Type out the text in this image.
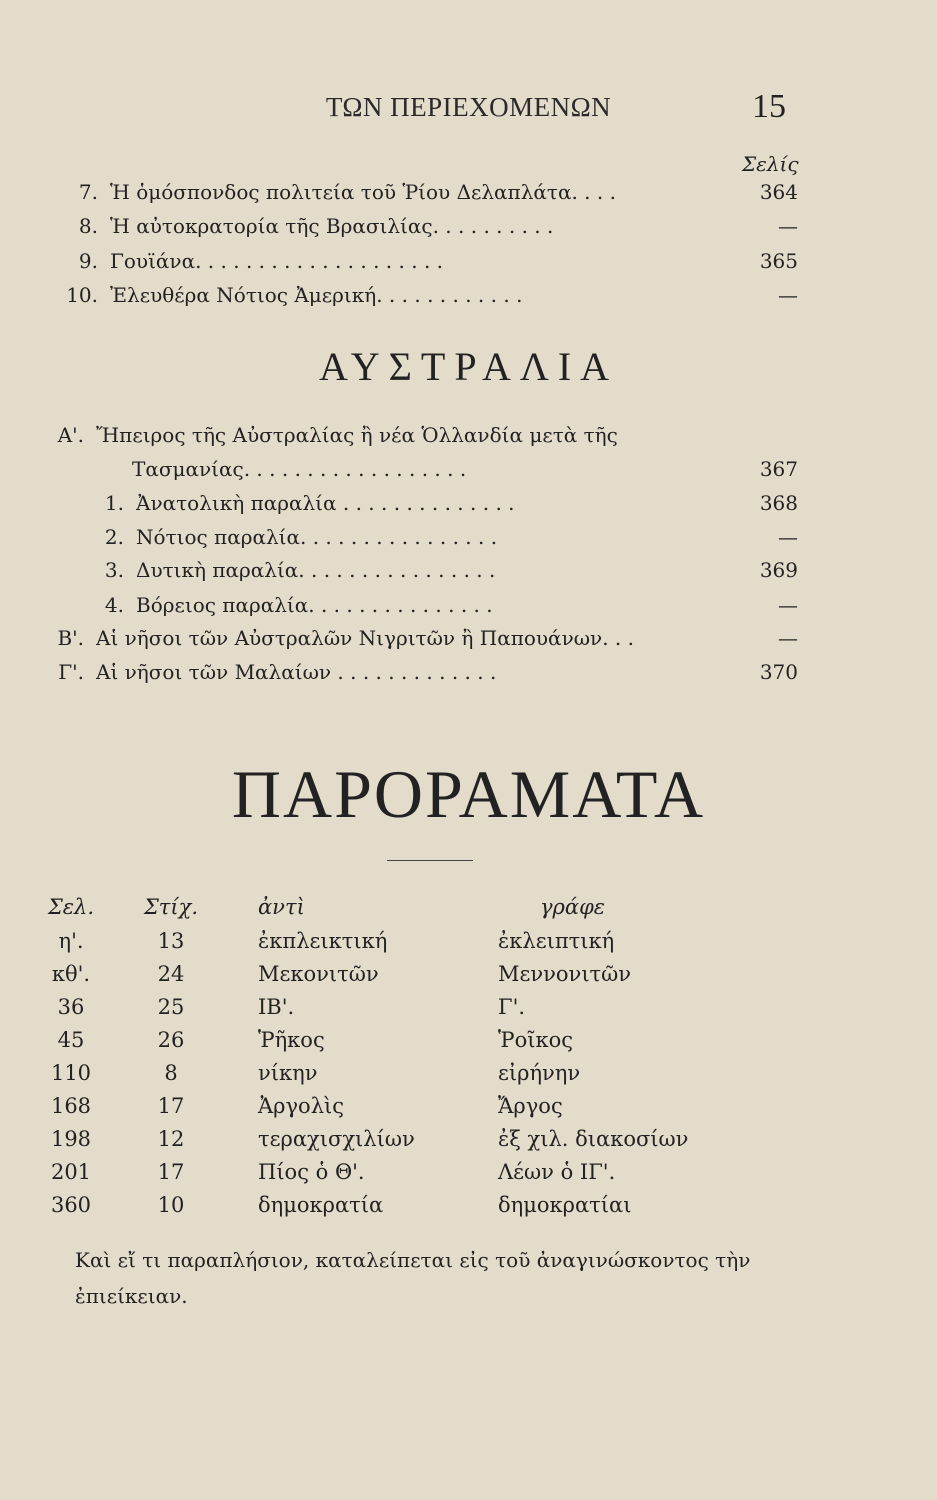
ΤΩΝ ΠΕΡΙΕΧΟΜΕΝΩΝ	15
Σελίς
7. Ἡ ὁμόσπονδος πολιτεία τοῦ Ῥίου Δελαπλάτα. . . .	364
8. Ἡ αὐτοκρατορία τῆς Βρασιλίας. . . . . . . . . .	—
9. Γουϊάνα. . . . . . . . . . . . . . . . . . . .	365
10. Ἐλευθέρα Νότιος Ἀμερική. . . . . . . . . . . .	—
ΑΥΣΤΡΑΛΙΑ
Α'. Ἤπειρος τῆς Αὐστραλίας ἢ νέα Ὁλλανδία μετὰ τῆς
Τασμανίας. . . . . . . . . . . . . . . . . .	367
1. Ἀνατολικὴ παραλία . . . . . . . . . . . . . .	368
2. Νότιος παραλία. . . . . . . . . . . . . . . .	—
3. Δυτικὴ παραλία. . . . . . . . . . . . . . . .	369
4. Βόρειος παραλία. . . . . . . . . . . . . . .	—
Β'. Αἱ νῆσοι τῶν Αὐστραλῶν Νιγριτῶν ἢ Παπουάνων. . .	—
Γ'. Αἱ νῆσοι τῶν Μαλαίων . . . . . . . . . . . . .	370
ΠΑΡΟΡΑΜΑΤΑ
Σελ.	Στίχ.	ἀντὶ	γράφε
η'.	13	ἐκπλεικτική	ἐκλειπτική
κθ'.	24	Μεκονιτῶν	Μεννονιτῶν
36	25	ΙΒ'.	Γ'.
45	26	Ῥῆκος	Ῥοῖκος
110	8	νίκην	εἰρήνην
168	17	Ἀργολὶς	Ἄργος
198	12	τεραχισχιλίων	ἐξ χιλ. διακοσίων
201	17	Πίος ὁ Θ'.	Λέων ὁ ΙΓ'.
360	10	δημοκρατία	δημοκρατίαι
Καὶ εἴ τι παραπλήσιον, καταλείπεται εἰς τοῦ ἀναγινώσκοντος τὴν ἐπιείκειαν.
